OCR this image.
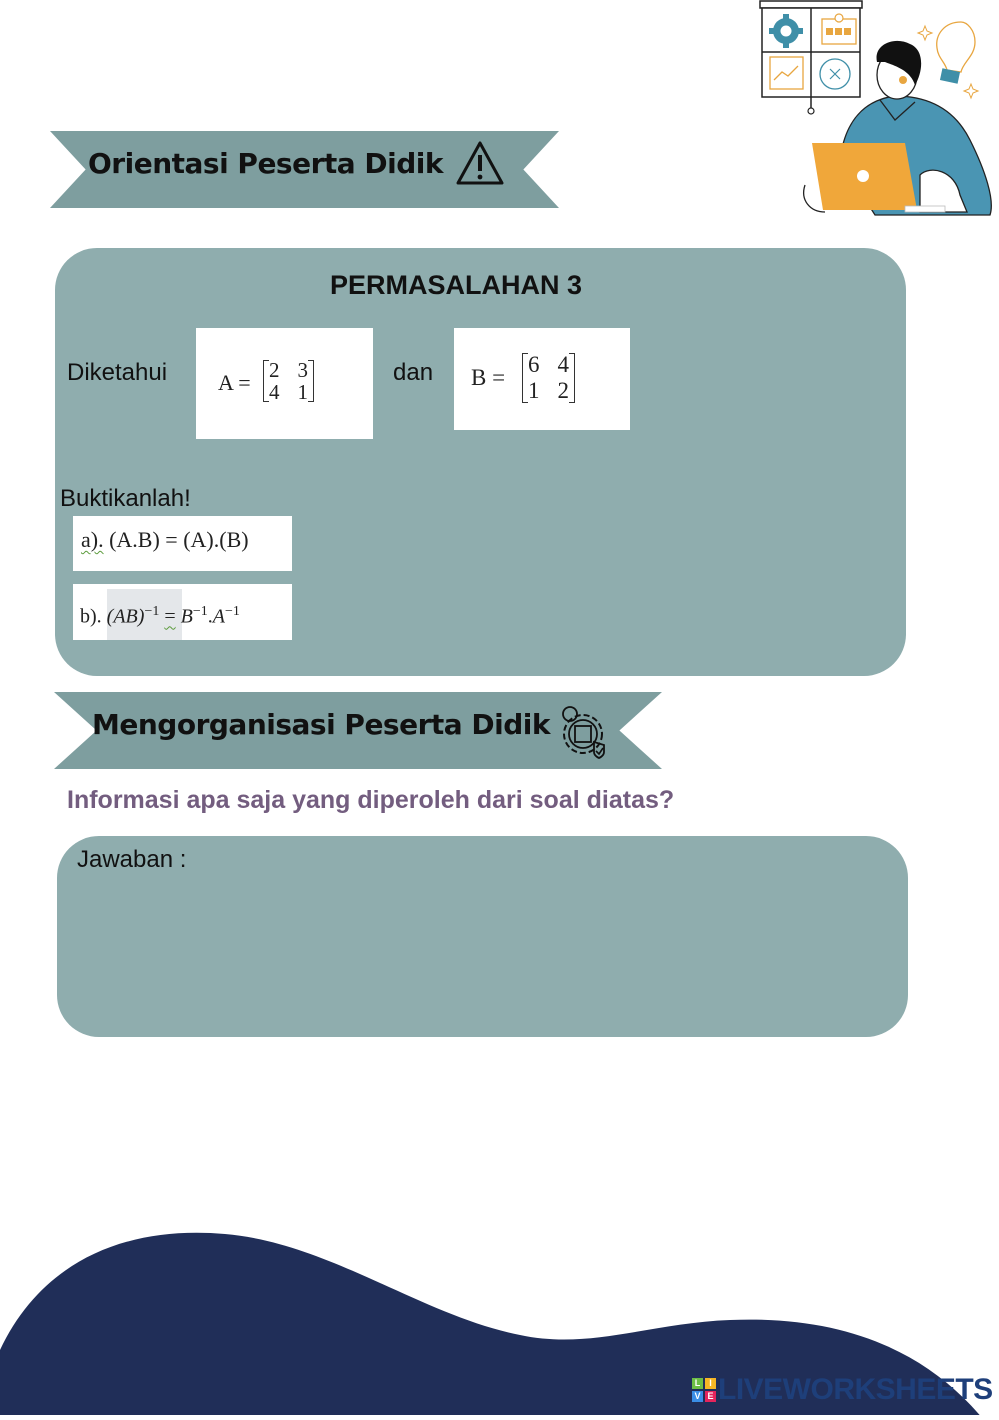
Orientasi Peserta Didik
PERMASALAHAN 3
Diketahui A = 2 3
4 1
dan B =
6 4
1 2
Buktikanlah!
a). (A.B) = (A).(B)
b). $(AB)^{-1} = B^{-1}.A^{-1}$
Mengorganisasi Peserta Didik
Informasi apa saja yang diperoleh dari soal diatas?
Jawaban :
L I
V E LIVEWORKSHEETS
